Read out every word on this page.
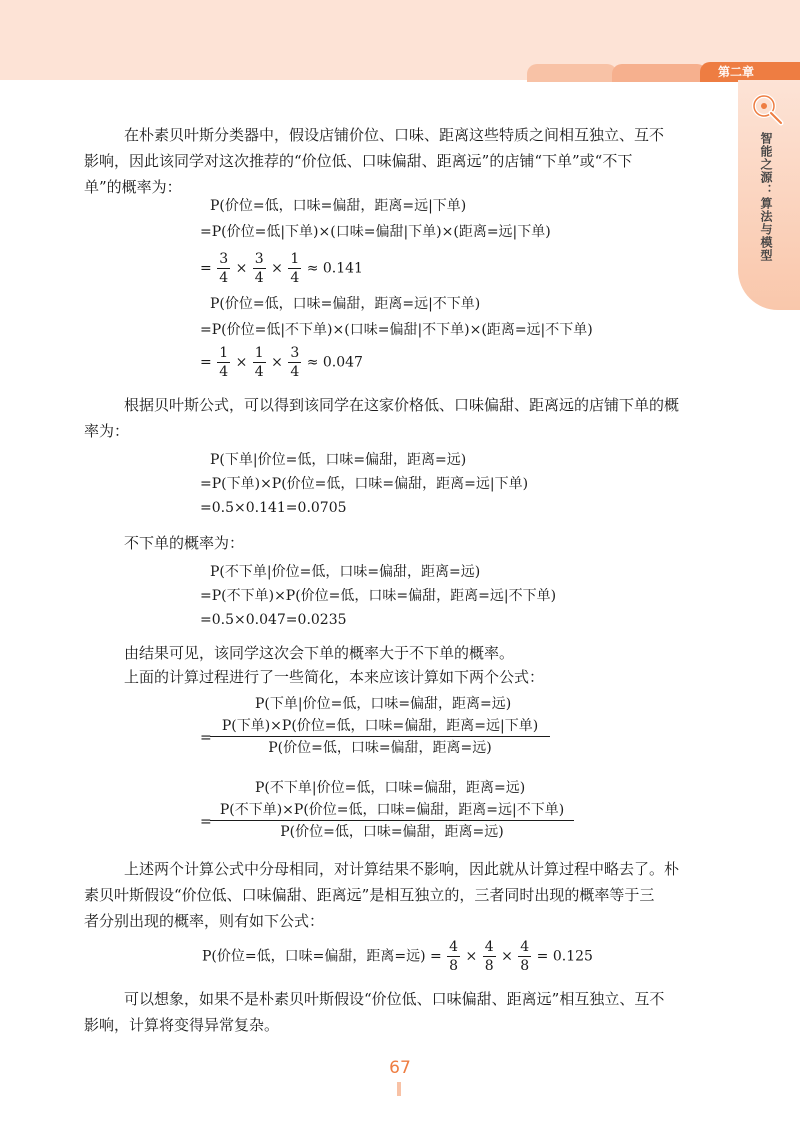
第二章
智能之源：算法与模型
在朴素贝叶斯分类器中，假设店铺价位、口味、距离这些特质之间相互独立、互不
影响，因此该同学对这次推荐的“价位低、口味偏甜、距离远”的店铺“下单”或“不下
单”的概率为：
P(价位=低，口味=偏甜，距离=远|下单)
=P(价位=低|下单)×(口味=偏甜|下单)×(距离=远|下单)
= $\frac{3}{4} \times \frac{3}{4} \times \frac{1}{4} \approx 0.141$
P(价位=低，口味=偏甜，距离=远|不下单)
=P(价位=低|不下单)×(口味=偏甜|不下单)×(距离=远|不下单)
= $\frac{1}{4} \times \frac{1}{4} \times \frac{3}{4} \approx 0.047$
根据贝叶斯公式，可以得到该同学在这家价格低、口味偏甜、距离远的店铺下单的概
率为：
P(下单|价位=低，口味=偏甜，距离=远)
=P(下单)×P(价位=低，口味=偏甜，距离=远|下单)
=0.5×0.141=0.0705
不下单的概率为：
P(不下单|价位=低，口味=偏甜，距离=远)
=P(不下单)×P(价位=低，口味=偏甜，距离=远|不下单)
=0.5×0.047=0.0235
由结果可见，该同学这次会下单的概率大于不下单的概率。
上面的计算过程进行了一些简化，本来应该计算如下两个公式：
P(下单|价位=低，口味=偏甜，距离=远)
=
P(下单)×P(价位=低，口味=偏甜，距离=远|下单)
P(价位=低，口味=偏甜，距离=远)
P(不下单|价位=低，口味=偏甜，距离=远)
=
P(不下单)×P(价位=低，口味=偏甜，距离=远|不下单)
P(价位=低，口味=偏甜，距离=远)
上述两个计算公式中分母相同，对计算结果不影响，因此就从计算过程中略去了。朴
素贝叶斯假设“价位低、口味偏甜、距离远”是相互独立的，三者同时出现的概率等于三
者分别出现的概率，则有如下公式：
P(价位=低，口味=偏甜，距离=远) = $\frac{4}{8} \times \frac{4}{8} \times \frac{4}{8} = 0.125$
可以想象，如果不是朴素贝叶斯假设“价位低、口味偏甜、距离远”相互独立、互不
影响，计算将变得异常复杂。
67
